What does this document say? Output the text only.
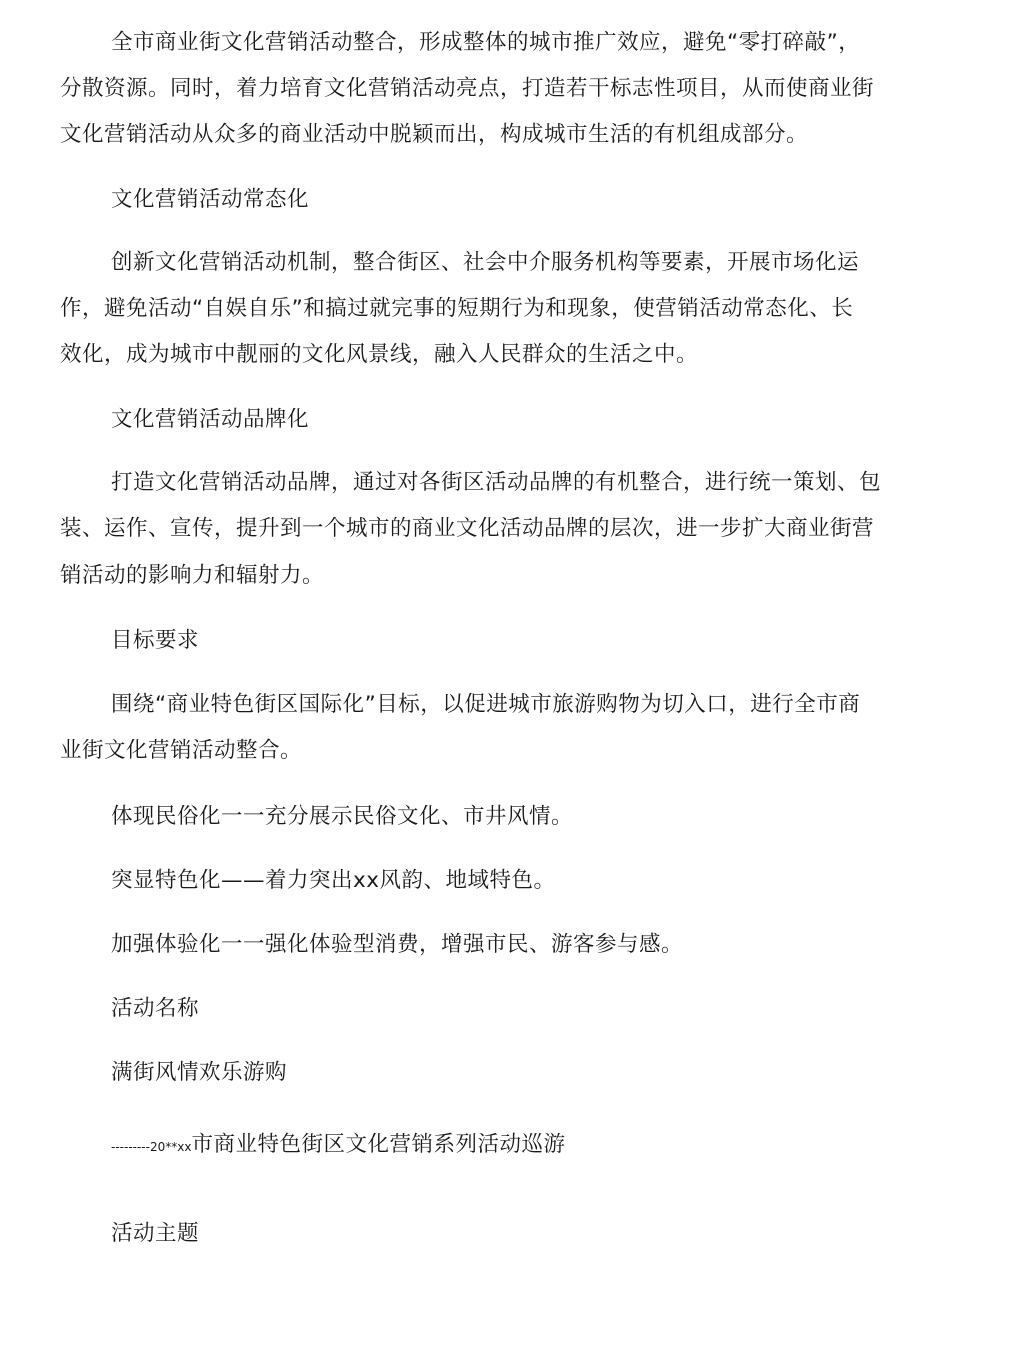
全市商业街文化营销活动整合，形成整体的城市推广效应，避免“零打碎敲”，

分散资源。同时，着力培育文化营销活动亮点，打造若干标志性项目，从而使商业街

文化营销活动从众多的商业活动中脱颖而出，构成城市生活的有机组成部分。

文化营销活动常态化

创新文化营销活动机制，整合街区、社会中介服务机构等要素，开展市场化运

作，避免活动“自娱自乐”和搞过就完事的短期行为和现象，使营销活动常态化、长

效化，成为城市中靓丽的文化风景线，融入人民群众的生活之中。

文化营销活动品牌化

打造文化营销活动品牌，通过对各街区活动品牌的有机整合，进行统一策划、包

装、运作、宣传，提升到一个城市的商业文化活动品牌的层次，进一步扩大商业街营

销活动的影响力和辐射力。

目标要求

围绕“商业特色街区国际化”目标，以促进城市旅游购物为切入口，进行全市商

业街文化营销活动整合。

体现民俗化一一充分展示民俗文化、市井风情。

突显特色化——着力突出xx风韵、地域特色。

加强体验化一一强化体验型消费，增强市民、游客参与感。

活动名称

满街风情欢乐游购

---------20**xx市商业特色街区文化营销系列活动巡游

活动主题
